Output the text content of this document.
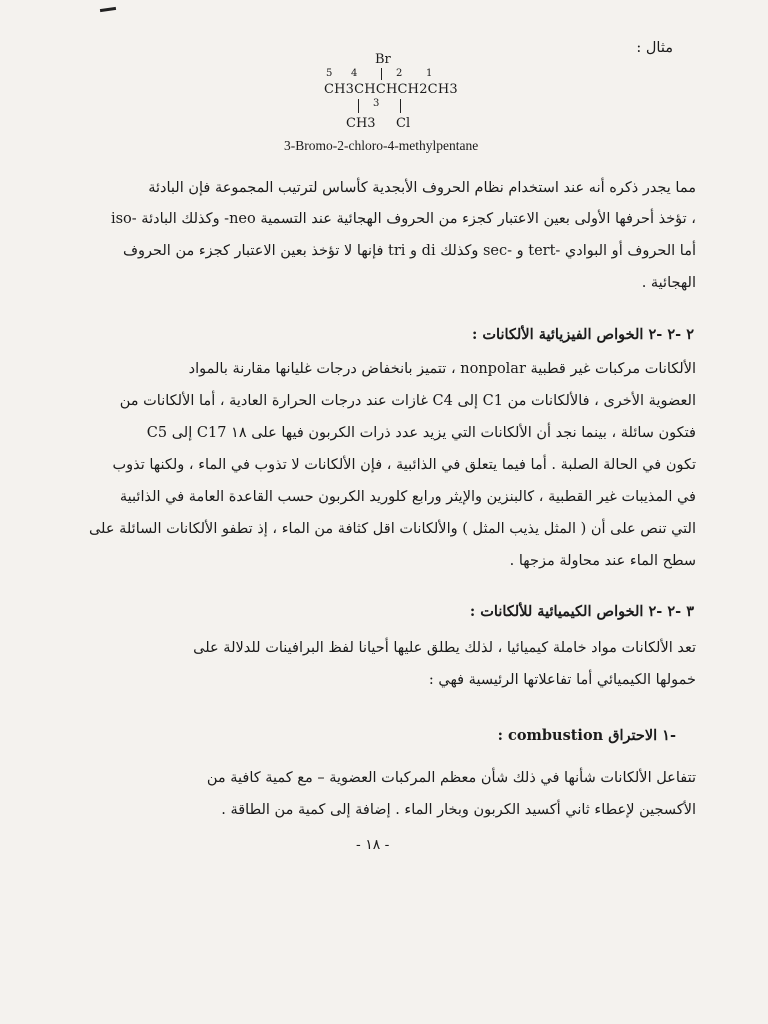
مثال :
Br
5 4	2 1
CH3CHCHCH2CH3
3
CH3 Cl
3-Bromo-2-chloro-4-methylpentane
مما يجدر ذكره أنه عند استخدام نظام الحروف الأبجدية كأساس لترتيب المجموعة فإن البادئة
iso- وكذلك البادئة -neo تؤخذ أحرفها الأولى بعين الاعتبار كجزء من الحروف الهجائية عند التسمية ،
أما الحروف أو البوادي -tert و -sec وكذلك di و tri فإنها لا تؤخذ بعين الاعتبار كجزء من الحروف
الهجائية .
٢ -٢ -٢ الخواص الفيزيائية الألكانات :
الألكانات مركبات غير قطبية nonpolar ، تتميز بانخفاض درجات غليانها مقارنة بالمواد
العضوية الأخرى ، فالألكانات من C1 إلى C4 غازات عند درجات الحرارة العادية ، أما الألكانات من
C5 إلى C17 فتكون سائلة ، بينما نجد أن الألكانات التي يزيد عدد ذرات الكربون فيها على ١٨
تكون في الحالة الصلبة . أما فيما يتعلق في الذائبية ، فإن الألكانات لا تذوب في الماء ، ولكنها تذوب
في المذيبات غير القطبية ، كالبنزين والإيثر ورابع كلوريد الكربون حسب القاعدة العامة في الذائبية
التي تنص على أن ( المثل يذيب المثل ) والألكانات اقل كثافة من الماء ، إذ تطفو الألكانات السائلة على
سطح الماء عند محاولة مزجها .
٣ -٢ -٢ الخواص الكيميائية للألكانات :
تعد الألكانات مواد خاملة كيميائيا ، لذلك يطلق عليها أحيانا لفظ البرافينات للدلالة على
خمولها الكيميائي أما تفاعلاتها الرئيسية فهي :
-١ الاحتراق combustion :
تتفاعل الألكانات شأنها في ذلك شأن معظم المركبات العضوية – مع كمية كافية من
الأكسجين لإعطاء ثاني أكسيد الكربون وبخار الماء . إضافة إلى كمية من الطاقة .
- ١٨ -
